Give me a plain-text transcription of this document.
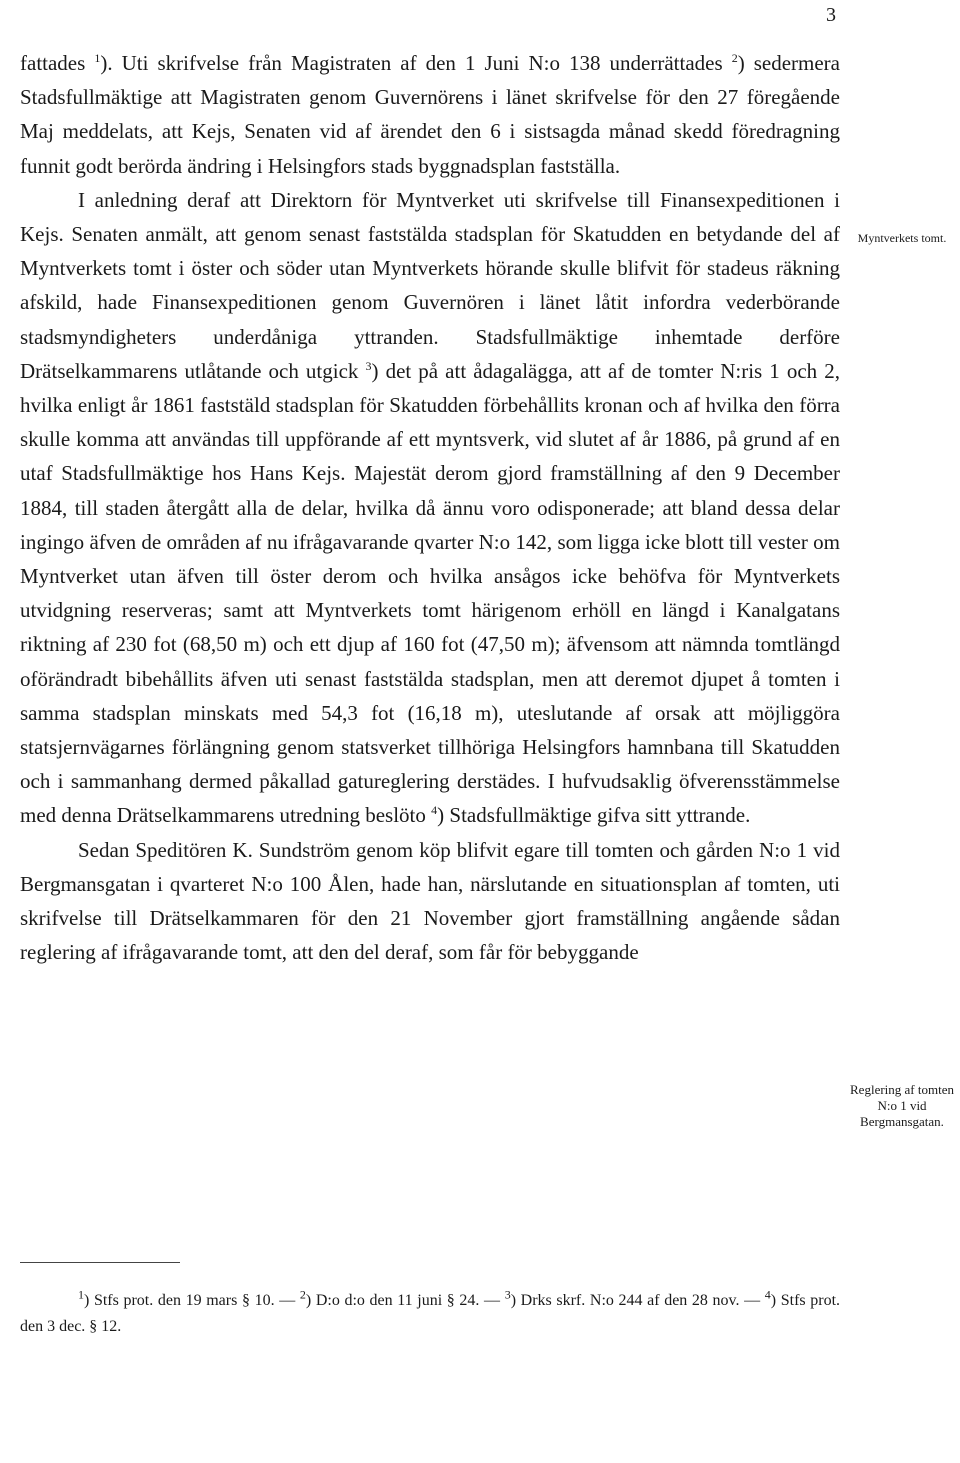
3

fattades $^1$). Uti skrifvelse från Magistraten af den 1 Juni N:o 138 underrättades $^2$) sedermera Stadsfullmäktige att Magistraten genom Guvernörens i länet skrifvelse för den 27 föregående Maj meddelats, att Kejs, Senaten vid af ärendet den 6 i sistsagda månad skedd föredragning funnit godt berörda ändring i Helsingfors stads byggnadsplan fastställa.

I anledning deraf att Direktorn för Myntverket uti skrifvelse till Finansexpeditionen i Kejs. Senaten anmält, att genom senast faststälda stadsplan för Skatudden en betydande del af Myntverkets tomt i öster och söder utan Myntverkets hörande skulle blifvit för stadeus räkning afskild, hade Finansexpeditionen genom Guvernören i länet låtit infordra vederbörande stadsmyndigheters underdåniga yttranden. Stadsfullmäktige inhemtade derföre Drätselkammarens utlåtande och utgick $^3$) det på att ådagalägga, att af de tomter N:ris 1 och 2, hvilka enligt år 1861 faststäld stadsplan för Skatudden förbehållits kronan och af hvilka den förra skulle komma att användas till uppförande af ett myntsverk, vid slutet af år 1886, på grund af en utaf Stadsfullmäktige hos Hans Kejs. Majestät derom gjord framställning af den 9 December 1884, till staden återgått alla de delar, hvilka då ännu voro odisponerade; att bland dessa delar ingingo äfven de områden af nu ifrågavarande qvarter N:o 142, som ligga icke blott till vester om Myntverket utan äfven till öster derom och hvilka ansågos icke behöfva för Myntverkets utvidgning reserveras; samt att Myntverkets tomt härigenom erhöll en längd i Kanalgatans riktning af 230 fot (68,50 m) och ett djup af 160 fot (47,50 m); äfvensom att nämnda tomtlängd oförändradt bibehållits äfven uti senast faststälda stadsplan, men att deremot djupet å tomten i samma stadsplan minskats med 54,3 fot (16,18 m), uteslutande af orsak att möjliggöra statsjernvägarnes förlängning genom statsverket tillhöriga Helsingfors hamnbana till Skatudden och i sammanhang dermed påkallad gatureglering derstädes. I hufvudsaklig öfverensstämmelse med denna Drätselkammarens utredning beslöto $^4$) Stadsfullmäktige gifva sitt yttrande.

Sedan Speditören K. Sundström genom köp blifvit egare till tomten och gården N:o 1 vid Bergmansgatan i qvarteret N:o 100 Ålen, hade han, närslutande en situationsplan af tomten, uti skrifvelse till Drätselkammaren för den 21 November gjort framställning angående sådan reglering af ifrågavarande tomt, att den del deraf, som får för bebyggande

Myntverkets tomt.
Reglering af tomten N:o 1 vid Bergmansgatan.

$^1$) Stfs prot. den 19 mars § 10. — $^2$) D:o d:o den 11 juni § 24. — $^3$) Drks skrf. N:o 244 af den 28 nov. — $^4$) Stfs prot. den 3 dec. § 12.
